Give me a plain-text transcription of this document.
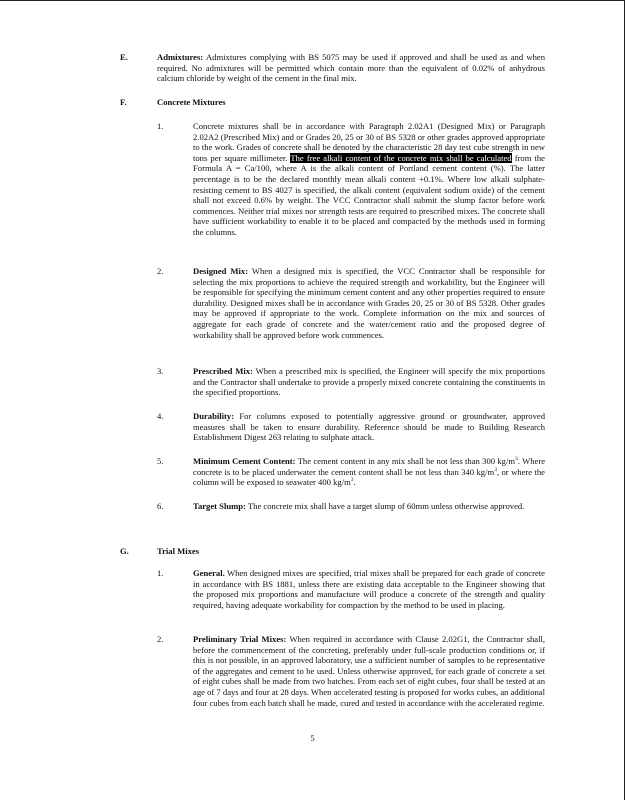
E.	Admixtures: Admixtures complying with BS 5075 may be used if approved and shall be used as and when required. No admixtures will be permitted which contain more than the equivalent of 0.02% of anhydrous calcium chloride by weight of the cement in the final mix.
F.	Concrete Mixtures
1.	Concrete mixtures shall be in accordance with Paragraph 2.02A1 (Designed Mix) or Paragraph 2.02A2 (Prescribed Mix) and or Grades 20, 25 or 30 of BS 5328 or other grades approved appropriate to the work. Grades of concrete shall be denoted by the characteristic 28 day test cube strength in new tons per square millimeter. The free alkali content of the concrete mix shall be calculated from the Formula A = Ca/100, where A is the alkali content of Portland cement content (%). The latter percentage is to be the declared monthly mean alkali content +0.1%. Where low alkali sulphate-resisting cement to BS 4027 is specified, the alkali content (equivalent sodium oxide) of the cement shall not exceed 0.6% by weight. The VCC Contractor shall submit the slump factor before work commences. Neither trial mixes nor strength tests are required to prescribed mixes. The concrete shall have sufficient workability to enable it to be placed and compacted by the methods used in forming the columns.
2.	Designed Mix: When a designed mix is specified, the VCC Contractor shall be responsible for selecting the mix proportions to achieve the required strength and workability, but the Engineer will be responsible for specifying the minimum cement content and any other properties required to ensure durability. Designed mixes shall be in accordance with Grades 20, 25 or 30 of BS 5328. Other grades may be approved if appropriate to the work. Complete information on the mix and sources of aggregate for each grade of concrete and the water/cement ratio and the proposed degree of workability shall be approved before work commences.
3.	Prescribed Mix: When a prescribed mix is specified, the Engineer will specify the mix proportions and the Contractor shall undertake to provide a properly mixed concrete containing the constituents in the specified proportions.
4.	Durability: For columns exposed to potentially aggressive ground or groundwater, approved measures shall be taken to ensure durability. Reference should be made to Building Research Establishment Digest 263 relating to sulphate attack.
5.	Minimum Cement Content: The cement content in any mix shall be not less than 300 $kg/m^3$. Where concrete is to be placed underwater the cement content shall be not less than 340 $kg/m^3$, or where the column will be exposed to seawater 400 $kg/m^3$.
6.	Target Slump: The concrete mix shall have a target slump of 60mm unless otherwise approved.
G.	Trial Mixes
1.	General. When designed mixes are specified, trial mixes shall be prepared for each grade of concrete in accordance with BS 1881, unless there are existing data acceptable to the Engineer showing that the proposed mix proportions and manufacture will produce a concrete of the strength and quality required, having adequate workability for compaction by the method to be used in placing.
2.	Preliminary Trial Mixes: When required in accordance with Clause 2.02G1, the Contractor shall, before the commencement of the concreting, preferably under full-scale production conditions or, if this is not possible, in an approved laboratory, use a sufficient number of samples to be representative of the aggregates and cement to be used. Unless otherwise approved, for each grade of concrete a set of eight cubes shall be made from two batches. From each set of eight cubes, four shall be tested at an age of 7 days and four at 28 days. When accelerated testing is proposed for works cubes, an additional four cubes from each batch shall be made, cured and tested in accordance with the accelerated regime.
5
